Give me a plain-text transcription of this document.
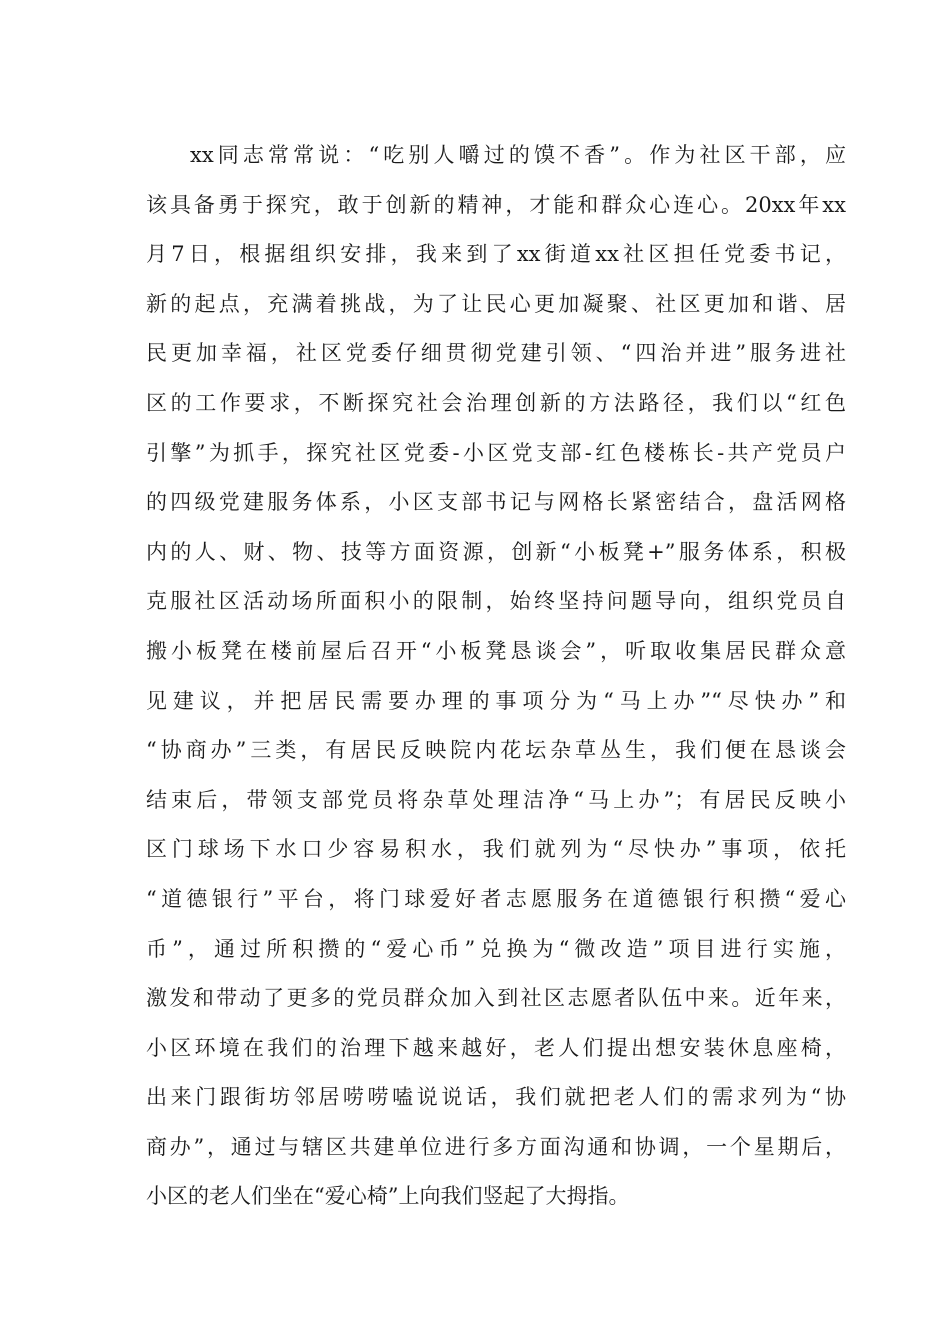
xx同志常常说：“吃别人嚼过的馍不香”。作为社区干部，应
该具备勇于探究，敢于创新的精神，才能和群众心连心。20xx年xx
月7日，根据组织安排，我来到了xx街道xx社区担任党委书记，
新的起点，充满着挑战，为了让民心更加凝聚、社区更加和谐、居
民更加幸福，社区党委仔细贯彻党建引领、“四治并进”服务进社
区的工作要求，不断探究社会治理创新的方法路径，我们以“红色
引擎”为抓手，探究社区党委-小区党支部-红色楼栋长-共产党员户
的四级党建服务体系，小区支部书记与网格长紧密结合，盘活网格
内的人、财、物、技等方面资源，创新“小板凳+”服务体系，积极
克服社区活动场所面积小的限制，始终坚持问题导向，组织党员自
搬小板凳在楼前屋后召开“小板凳恳谈会”，听取收集居民群众意
见建议，并把居民需要办理的事项分为“马上办”“尽快办”和
“协商办”三类，有居民反映院内花坛杂草丛生，我们便在恳谈会
结束后，带领支部党员将杂草处理洁净“马上办”；有居民反映小
区门球场下水口少容易积水，我们就列为“尽快办”事项，依托
“道德银行”平台，将门球爱好者志愿服务在道德银行积攒“爱心
币”，通过所积攒的“爱心币”兑换为“微改造”项目进行实施，
激发和带动了更多的党员群众加入到社区志愿者队伍中来。近年来，
小区环境在我们的治理下越来越好，老人们提出想安装休息座椅，
出来门跟街坊邻居唠唠嗑说说话，我们就把老人们的需求列为“协
商办”，通过与辖区共建单位进行多方面沟通和协调，一个星期后，
小区的老人们坐在“爱心椅”上向我们竖起了大拇指。
